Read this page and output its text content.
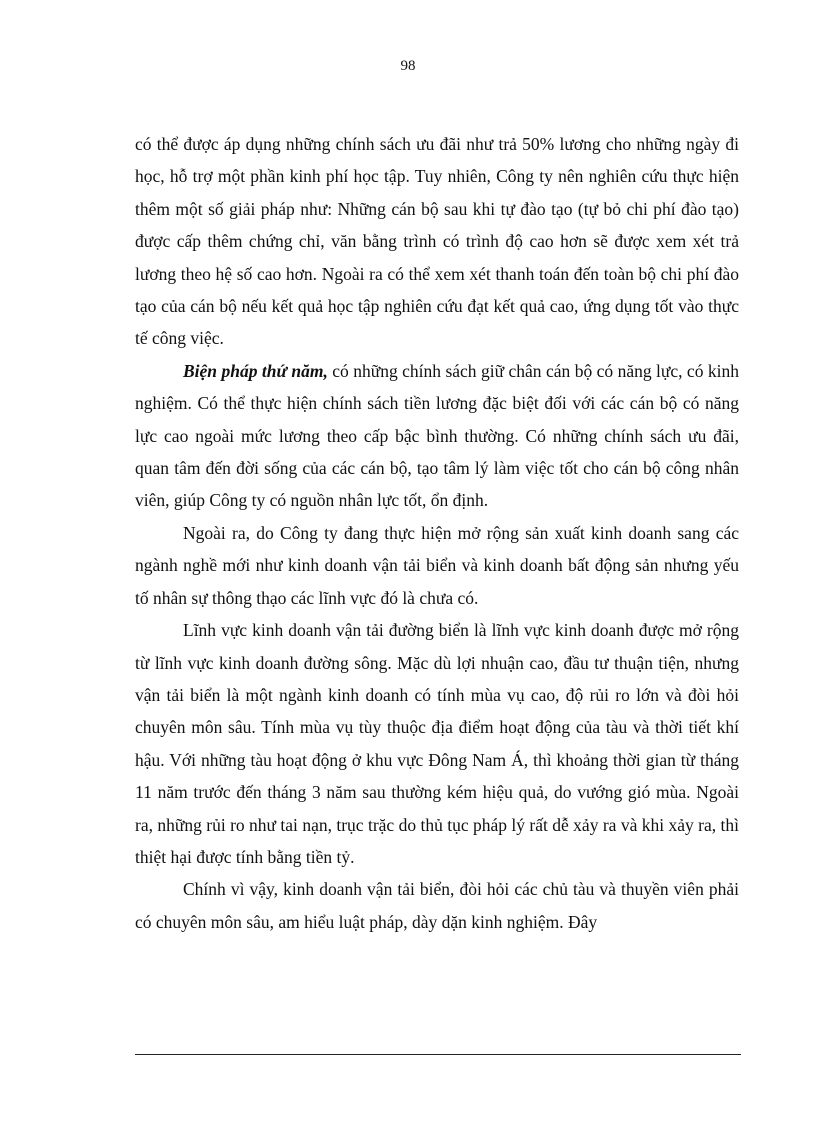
98

có thể được áp dụng những chính sách ưu đãi như trả 50% lương cho những ngày đi học, hỗ trợ một phần kinh phí học tập. Tuy nhiên, Công ty nên nghiên cứu thực hiện thêm một số giải pháp như: Những cán bộ sau khi tự đào tạo (tự bỏ chi phí đào tạo) được cấp thêm chứng chỉ, văn bằng trình có trình độ cao hơn sẽ được xem xét trả lương theo hệ số cao hơn. Ngoài ra có thể xem xét thanh toán đến toàn bộ chi phí đào tạo của cán bộ nếu kết quả học tập nghiên cứu đạt kết quả cao, ứng dụng tốt vào thực tế công việc.

Biện pháp thứ năm, có những chính sách giữ chân cán bộ có năng lực, có kinh nghiệm. Có thể thực hiện chính sách tiền lương đặc biệt đối với các cán bộ có năng lực cao ngoài mức lương theo cấp bậc bình thường. Có những chính sách ưu đãi, quan tâm đến đời sống của các cán bộ, tạo tâm lý làm việc tốt cho cán bộ công nhân viên, giúp Công ty có nguồn nhân lực tốt, ổn định.

Ngoài ra, do Công ty đang thực hiện mở rộng sản xuất kinh doanh sang các ngành nghề mới như kinh doanh vận tải biển và kinh doanh bất động sản nhưng yếu tố nhân sự thông thạo các lĩnh vực đó là chưa có.

Lĩnh vực kinh doanh vận tải đường biển là lĩnh vực kinh doanh được mở rộng từ lĩnh vực kinh doanh đường sông. Mặc dù lợi nhuận cao, đầu tư thuận tiện, nhưng vận tải biển là một ngành kinh doanh có tính mùa vụ cao, độ rủi ro lớn và đòi hỏi chuyên môn sâu. Tính mùa vụ tùy thuộc địa điểm hoạt động của tàu và thời tiết khí hậu. Với những tàu hoạt động ở khu vực Đông Nam Á, thì khoảng thời gian từ tháng 11 năm trước đến tháng 3 năm sau thường kém hiệu quả, do vướng gió mùa. Ngoài ra, những rủi ro như tai nạn, trục trặc do thủ tục pháp lý rất dễ xảy ra và khi xảy ra, thì thiệt hại được tính bằng tiền tỷ.

Chính vì vậy, kinh doanh vận tải biển, đòi hỏi các chủ tàu và thuyền viên phải có chuyên môn sâu, am hiểu luật pháp, dày dặn kinh nghiệm. Đây
